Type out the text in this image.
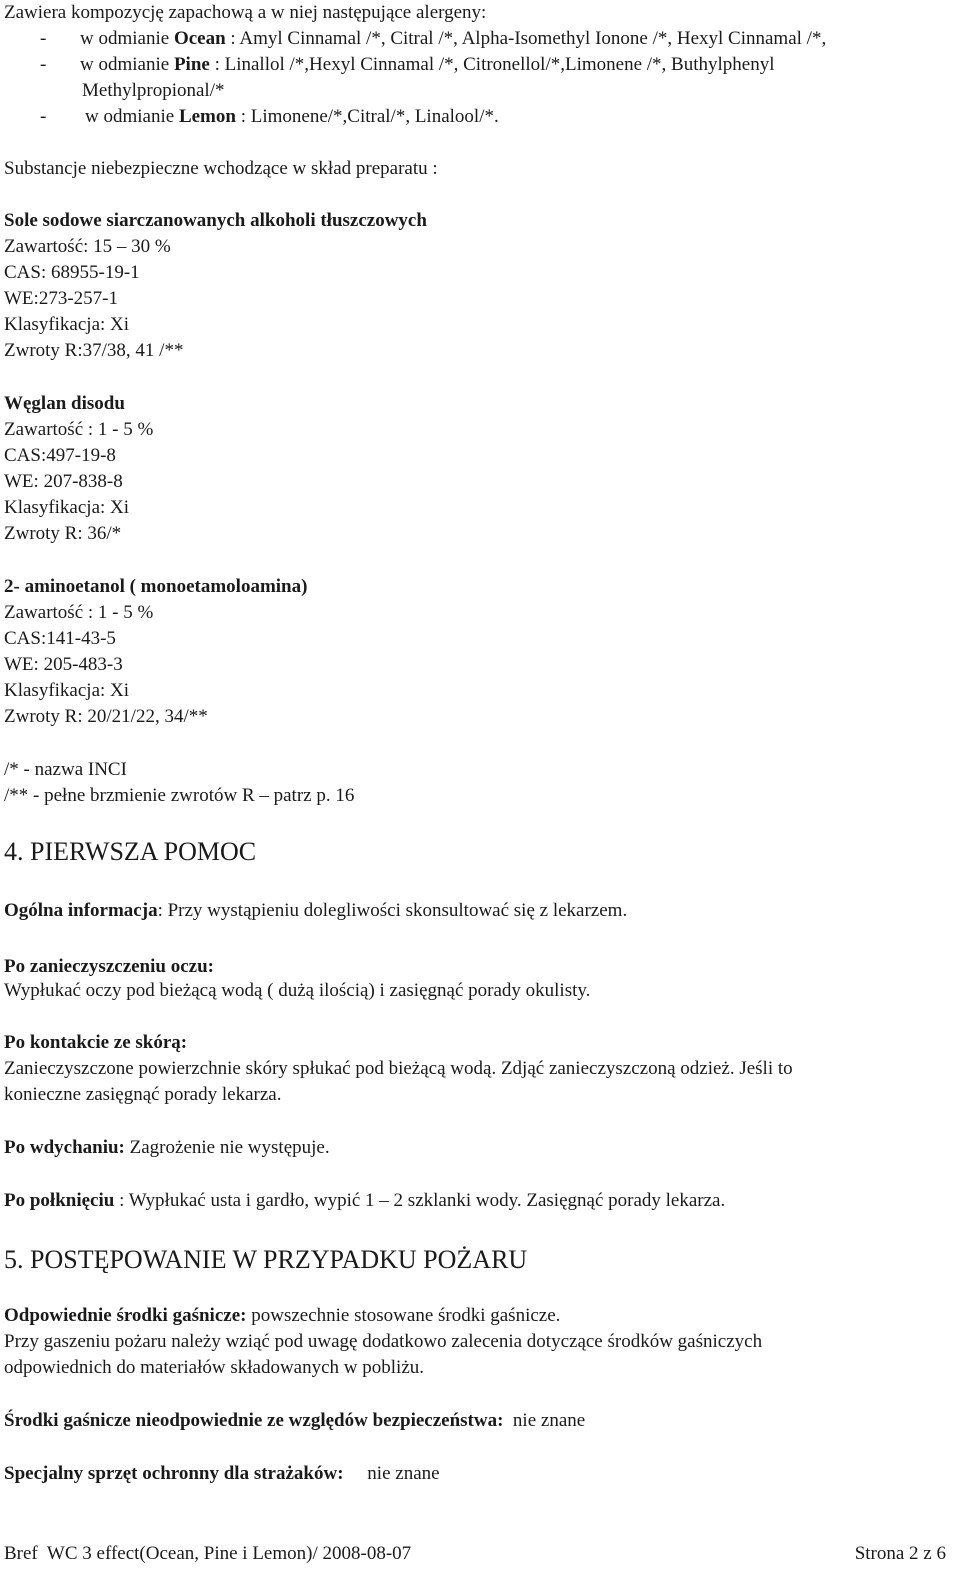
Zawiera kompozycję zapachową a w niej następujące alergeny:
- w odmianie Ocean : Amyl Cinnamal /*, Citral /*, Alpha-Isomethyl Ionone /*, Hexyl Cinnamal /*,
- w odmianie Pine : Linallol /*,Hexyl Cinnamal /*, Citronellol/*,Limonene /*, Buthylphenyl
Methylpropional/*
- w odmianie Lemon : Limonene/*,Citral/*, Linalool/*.
Substancje niebezpieczne wchodzące w skład preparatu :
Sole sodowe siarczanowanych alkoholi tłuszczowych
Zawartość: 15 – 30 %
CAS: 68955-19-1
WE:273-257-1
Klasyfikacja: Xi
Zwroty R:37/38, 41 /**
Węglan disodu
Zawartość : 1 - 5 %
CAS:497-19-8
WE: 207-838-8
Klasyfikacja: Xi
Zwroty R: 36/*
2- aminoetanol ( monoetamoloamina)
Zawartość : 1 - 5 %
CAS:141-43-5
WE: 205-483-3
Klasyfikacja: Xi
Zwroty R: 20/21/22, 34/**
/* - nazwa INCI
/** - pełne brzmienie zwrotów R – patrz p. 16
4. PIERWSZA POMOC
Ogólna informacja: Przy wystąpieniu dolegliwości skonsultować się z lekarzem.
Po zanieczyszczeniu oczu:
Wypłukać oczy pod bieżącą wodą ( dużą ilością) i zasięgnąć porady okulisty.
Po kontakcie ze skórą:
Zanieczyszczone powierzchnie skóry spłukać pod bieżącą wodą. Zdjąć zanieczyszczoną odzież. Jeśli to
konieczne zasięgnąć porady lekarza.
Po wdychaniu: Zagrożenie nie występuje.
Po połknięciu : Wypłukać usta i gardło, wypić 1 – 2 szklanki wody. Zasięgnąć porady lekarza.
5. POSTĘPOWANIE W PRZYPADKU POŻARU
Odpowiednie środki gaśnicze: powszechnie stosowane środki gaśnicze.
Przy gaszeniu pożaru należy wziąć pod uwagę dodatkowo zalecenia dotyczące środków gaśniczych
odpowiednich do materiałów składowanych w pobliżu.
Środki gaśnicze nieodpowiednie ze względów bezpieczeństwa:  nie znane
Specjalny sprzęt ochronny dla strażaków:     nie znane
Bref  WC 3 effect(Ocean, Pine i Lemon)/ 2008-08-07	Strona 2 z 6
